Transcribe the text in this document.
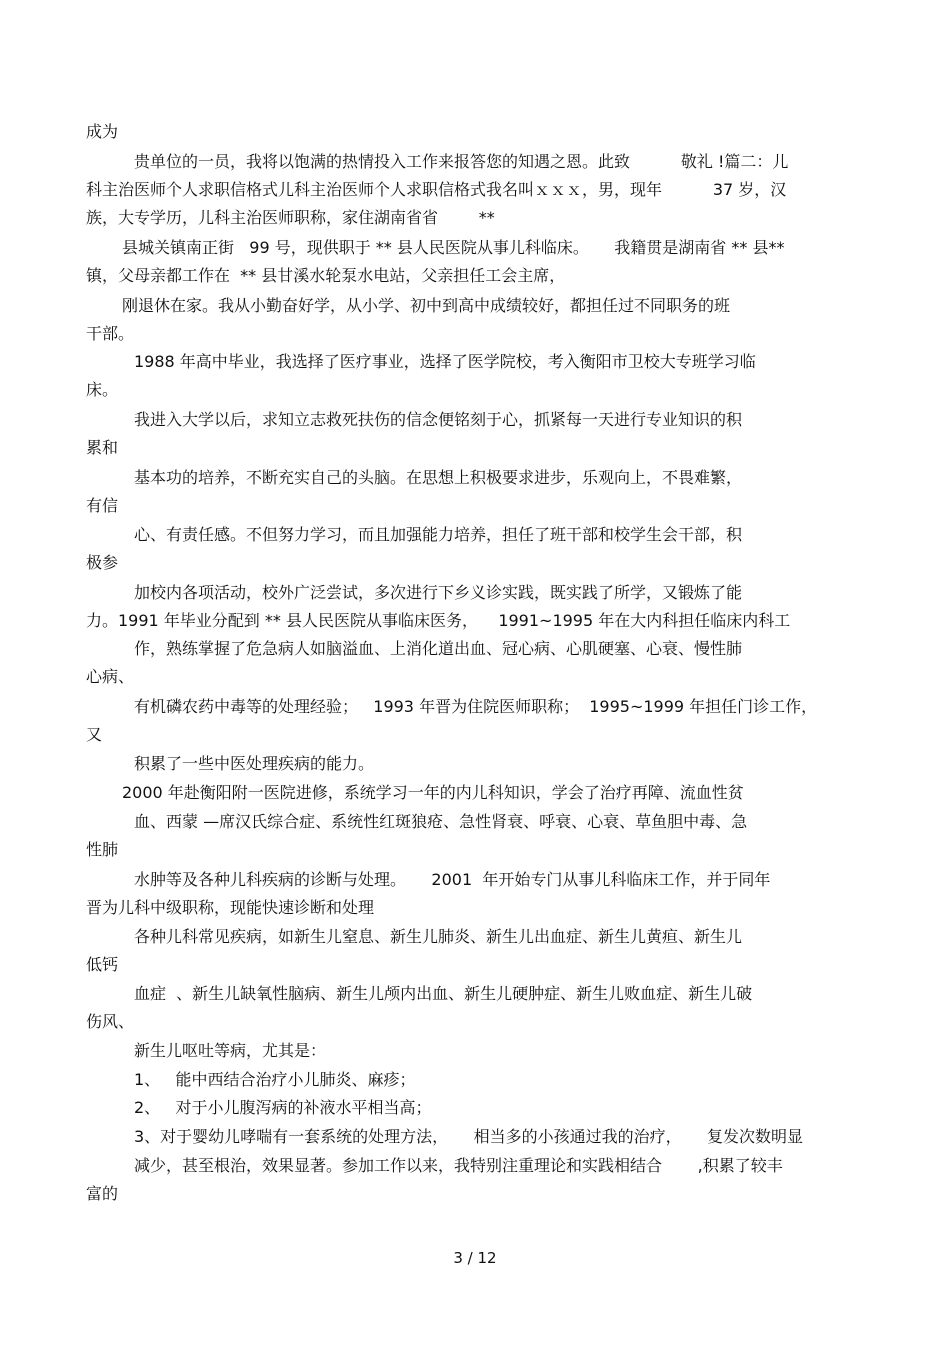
成为
贵单位的一员，我将以饱满的热情投入工作来报答您的知遇之恩。此致          敬礼 !篇二：儿
科主治医师个人求职信格式儿科主治医师个人求职信格式我名叫ｘｘｘ，男，现年          37 岁，汉
族，大专学历，儿科主治医师职称，家住湖南省省        **
县城关镇南正街   99 号，现供职于 ** 县人民医院从事儿科临床。     我籍贯是湖南省 ** 县**
镇，父母亲都工作在  ** 县甘溪水轮泵水电站，父亲担任工会主席，
刚退休在家。我从小勤奋好学，从小学、初中到高中成绩较好，都担任过不同职务的班
干部。
1988 年高中毕业，我选择了医疗事业，选择了医学院校，考入衡阳市卫校大专班学习临
床。
我进入大学以后，求知立志救死扶伤的信念便铭刻于心，抓紧每一天进行专业知识的积
累和
基本功的培养，不断充实自己的头脑。在思想上积极要求进步，乐观向上，不畏难繁，
有信
心、有责任感。不但努力学习，而且加强能力培养，担任了班干部和校学生会干部，积
极参
加校内各项活动，校外广泛尝试，多次进行下乡义诊实践，既实践了所学，又锻炼了能
力。1991 年毕业分配到 ** 县人民医院从事临床医务，    1991~1995 年在大内科担任临床内科工
作，熟练掌握了危急病人如脑溢血、上消化道出血、冠心病、心肌硬塞、心衰、慢性肺
心病、
有机磷农药中毒等的处理经验；   1993 年晋为住院医师职称；  1995~1999 年担任门诊工作，
又
积累了一些中医处理疾病的能力。
2000 年赴衡阳附一医院进修，系统学习一年的内儿科知识，学会了治疗再障、流血性贫
血、西蒙 —席汉氏综合症、系统性红斑狼疮、急性肾衰、呼衰、心衰、草鱼胆中毒、急
性肺
水肿等及各种儿科疾病的诊断与处理。     2001  年开始专门从事儿科临床工作，并于同年
晋为儿科中级职称，现能快速诊断和处理
各种儿科常见疾病，如新生儿窒息、新生儿肺炎、新生儿出血症、新生儿黄疸、新生儿
低钙
血症  、新生儿缺氧性脑病、新生儿颅内出血、新生儿硬肿症、新生儿败血症、新生儿破
伤风、
新生儿呕吐等病，尤其是：
1、   能中西结合治疗小儿肺炎、麻疹；
2、   对于小儿腹泻病的补液水平相当高；
3、对于婴幼儿哮喘有一套系统的处理方法，     相当多的小孩通过我的治疗，     复发次数明显
减少，甚至根治，效果显著。参加工作以来，我特别注重理论和实践相结合       ,积累了较丰
富的
3 / 12
